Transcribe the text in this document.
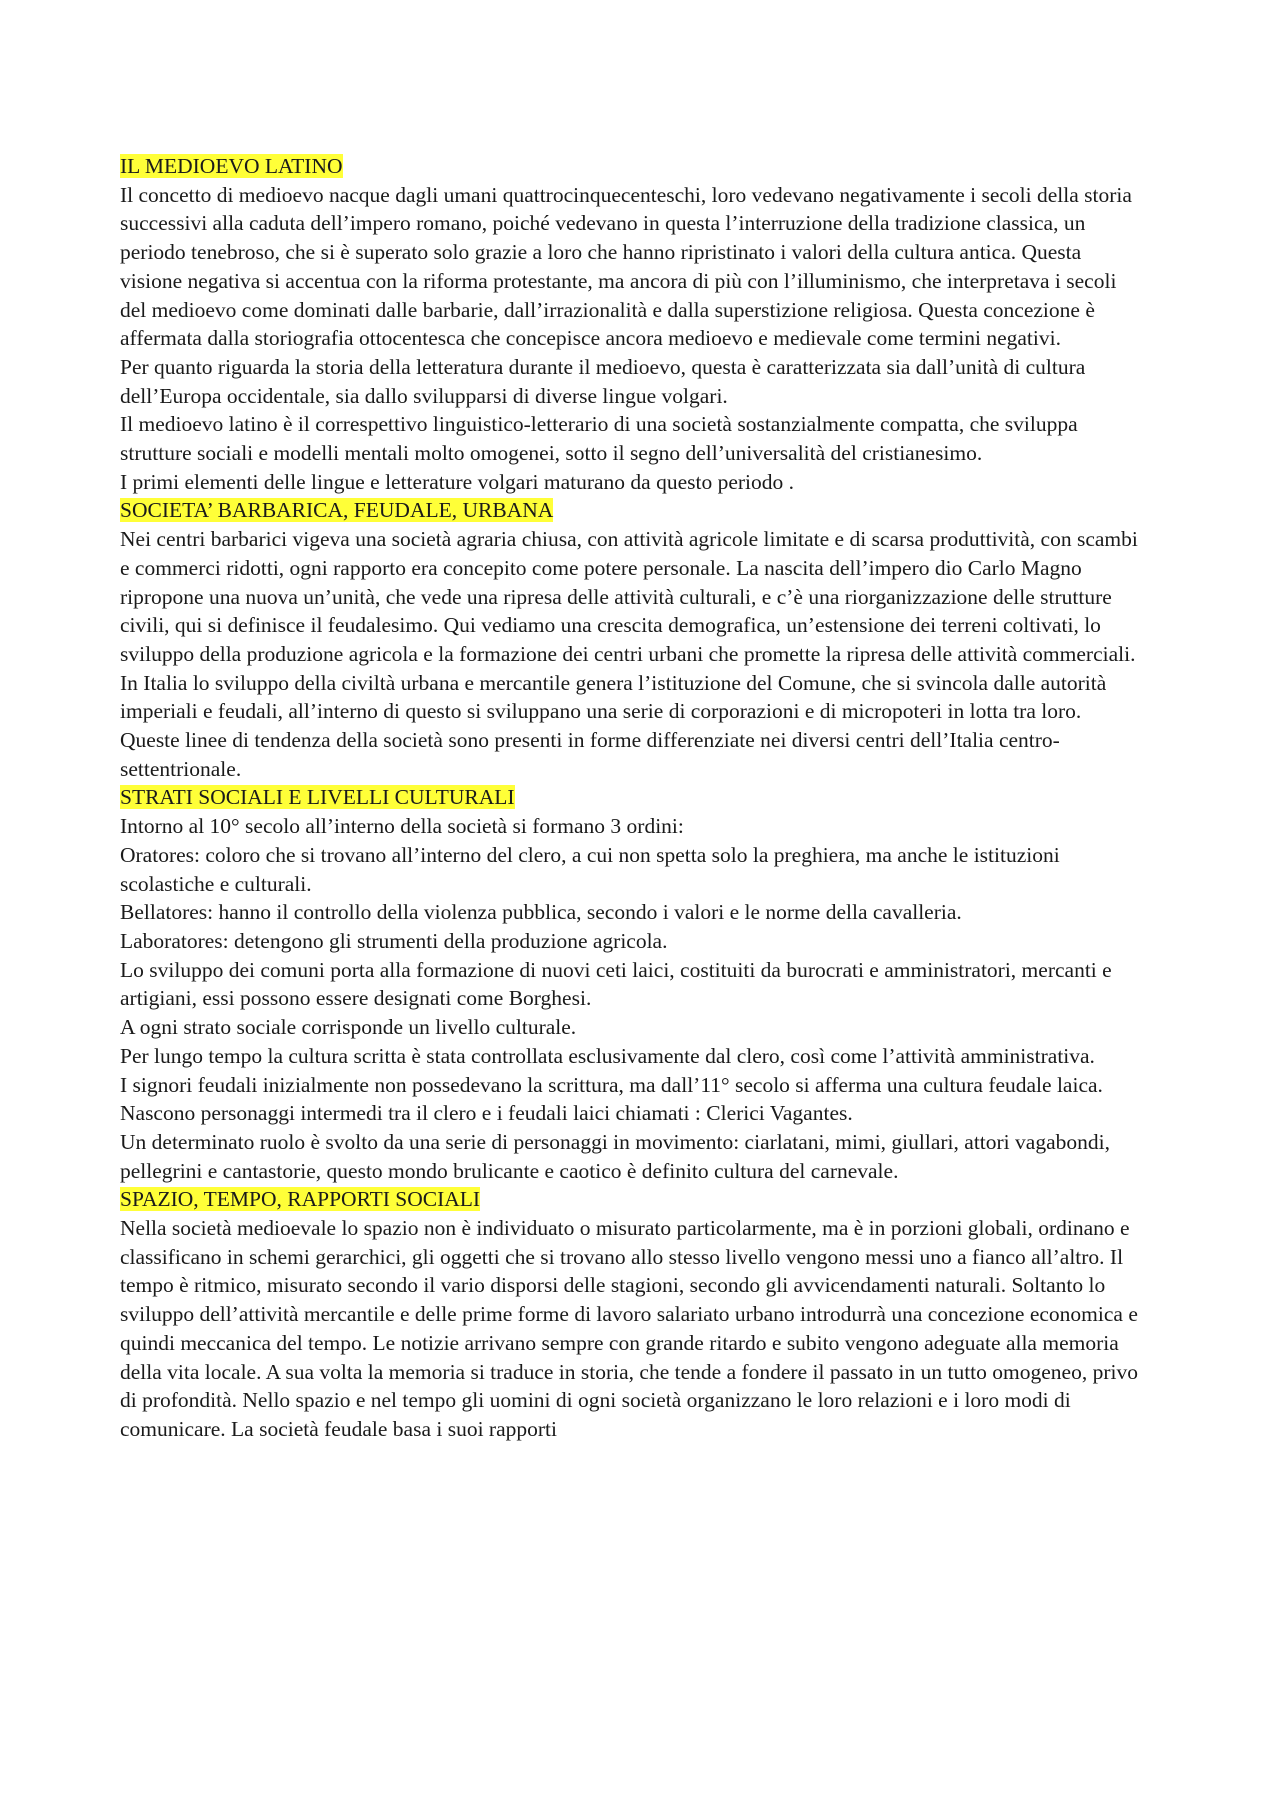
IL MEDIOEVO LATINO

Il concetto di medioevo nacque dagli umani quattrocinquecenteschi, loro vedevano negativamente i secoli della storia successivi alla caduta dell’impero romano, poiché vedevano in questa l’interruzione della tradizione classica, un periodo tenebroso, che si è superato solo grazie a loro che hanno ripristinato i valori della cultura antica. Questa visione negativa si accentua con la riforma protestante, ma ancora di più con l’illuminismo, che interpretava i secoli del medioevo come dominati dalle barbarie, dall’irrazionalità e dalla superstizione religiosa. Questa concezione è affermata dalla storiografia ottocentesca che concepisce ancora medioevo e medievale come termini negativi.

Per quanto riguarda la storia della letteratura durante il medioevo, questa è caratterizzata sia dall’unità di cultura dell’Europa occidentale, sia dallo svilupparsi di diverse lingue volgari.

Il medioevo latino è il correspettivo linguistico-letterario di una società sostanzialmente compatta, che sviluppa strutture sociali e modelli mentali molto omogenei, sotto il segno dell’universalità del cristianesimo.

I primi elementi delle lingue e letterature volgari maturano da questo periodo .

SOCIETA’ BARBARICA, FEUDALE, URBANA

Nei centri barbarici vigeva una società agraria chiusa, con attività agricole limitate e di scarsa produttività, con scambi e commerci ridotti, ogni rapporto era concepito come potere personale. La nascita dell’impero dio Carlo Magno ripropone una nuova un’unità, che vede una ripresa delle attività culturali, e c’è una riorganizzazione delle strutture civili, qui si definisce il feudalesimo. Qui vediamo una crescita demografica, un’estensione dei terreni coltivati, lo sviluppo della produzione agricola e la formazione dei centri urbani che promette la ripresa delle attività commerciali. In Italia lo sviluppo della civiltà urbana e mercantile genera l’istituzione del Comune, che si svincola dalle autorità imperiali e feudali, all’interno di questo si sviluppano una serie di corporazioni e di micropoteri in lotta tra loro. Queste linee di tendenza della società sono presenti in forme differenziate nei diversi centri dell’Italia centro-settentrionale.

STRATI SOCIALI E LIVELLI CULTURALI

Intorno al 10° secolo all’interno della società si formano 3 ordini:

Oratores: coloro che si trovano all’interno del clero, a cui non spetta solo la preghiera, ma anche le istituzioni scolastiche e culturali.

Bellatores: hanno il controllo della violenza pubblica, secondo i valori e le norme della cavalleria.

Laboratores: detengono gli strumenti della produzione agricola.

Lo sviluppo dei comuni porta alla formazione di nuovi ceti laici, costituiti da burocrati e amministratori, mercanti e artigiani, essi possono essere designati come Borghesi.

A ogni strato sociale corrisponde un livello culturale.

Per lungo tempo la cultura scritta è stata controllata esclusivamente dal clero, così come l’attività amministrativa.

I signori feudali inizialmente non possedevano la scrittura, ma dall’11° secolo si afferma una cultura feudale laica.

Nascono personaggi intermedi tra il clero e i feudali laici chiamati : Clerici Vagantes.

Un determinato ruolo è svolto da una serie di personaggi in movimento: ciarlatani, mimi, giullari, attori vagabondi, pellegrini e cantastorie, questo mondo brulicante e caotico è definito cultura del carnevale.

SPAZIO, TEMPO, RAPPORTI SOCIALI

Nella società medioevale lo spazio non è individuato o misurato particolarmente, ma è in porzioni globali, ordinano e classificano in schemi gerarchici, gli oggetti che si trovano allo stesso livello vengono messi uno a fianco all’altro. Il tempo è ritmico, misurato secondo il vario disporsi delle stagioni, secondo gli avvicendamenti naturali. Soltanto lo sviluppo dell’attività mercantile e delle prime forme di lavoro salariato urbano introdurrà una concezione economica e quindi meccanica del tempo. Le notizie arrivano sempre con grande ritardo e subito vengono adeguate alla memoria della vita locale. A sua volta la memoria si traduce in storia, che tende a fondere il passato in un tutto omogeneo, privo di profondità. Nello spazio e nel tempo gli uomini di ogni società organizzano le loro relazioni e i loro modi di comunicare. La società feudale basa i suoi rapporti
